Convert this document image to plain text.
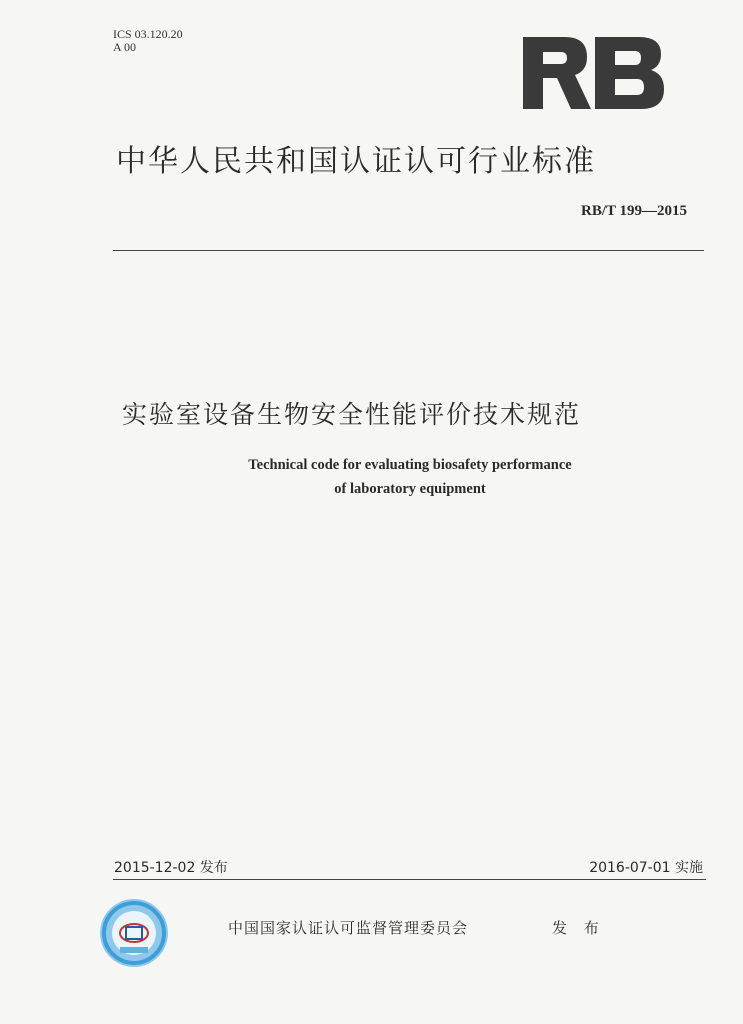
ICS 03.120.20
A 00
中华人民共和国认证认可行业标准
RB/T 199—2015
实验室设备生物安全性能评价技术规范
Technical code for evaluating biosafety performance
of laboratory equipment
2015-12-02 发布	2016-07-01 实施
中国国家认证认可监督管理委员会	发 布
